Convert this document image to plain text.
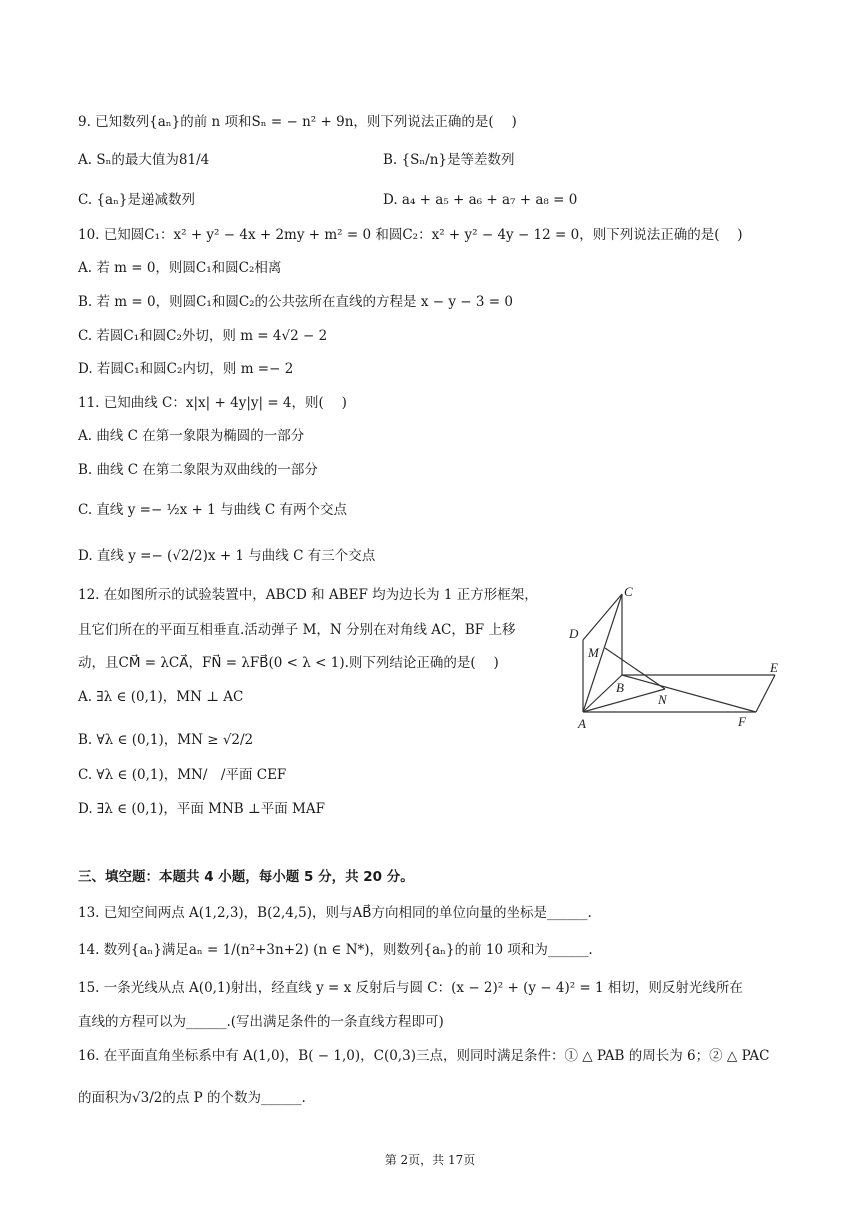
9. 已知数列{aₙ}的前 n 项和Sₙ = − n² + 9n，则下列说法正确的是(　 )
A. Sₙ的最大值为81/4	B. {Sₙ/n}是等差数列
C. {aₙ}是递减数列	D. a₄ + a₅ + a₆ + a₇ + a₈ = 0
10. 已知圆C₁：x² + y² − 4x + 2my + m² = 0 和圆C₂：x² + y² − 4y − 12 = 0，则下列说法正确的是(　 )
A. 若 m = 0，则圆C₁和圆C₂相离
B. 若 m = 0，则圆C₁和圆C₂的公共弦所在直线的方程是 x − y − 3 = 0
C. 若圆C₁和圆C₂外切，则 m = 4√2 − 2
D. 若圆C₁和圆C₂内切，则 m =− 2
11. 已知曲线 C：x|x| + 4y|y| = 4，则(　 )
A. 曲线 C 在第一象限为椭圆的一部分
B. 曲线 C 在第二象限为双曲线的一部分
C. 直线 y =− ½x + 1 与曲线 C 有两个交点
D. 直线 y =− (√2/2)x + 1 与曲线 C 有三个交点
12. 在如图所示的试验装置中，ABCD 和 ABEF 均为边长为 1 正方形框架，
且它们所在的平面互相垂直.活动弹子 M，N 分别在对角线 AC，BF 上移
动，且CM⃗ = λCA⃗，FN⃗ = λFB⃗(0 < λ < 1).则下列结论正确的是(　 )
A. ∃λ ∈ (0,1)，MN ⊥ AC
B. ∀λ ∈ (0,1)，MN ≥ √2/2
C. ∀λ ∈ (0,1)，MN/　/平面 CEF
D. ∃λ ∈ (0,1)，平面 MNB ⊥平面 MAF
C
D
M
B
E
N
A	F
三、填空题：本题共 4 小题，每小题 5 分，共 20 分。
13. 已知空间两点 A(1,2,3)，B(2,4,5)，则与AB⃗方向相同的单位向量的坐标是______.
14. 数列{aₙ}满足aₙ = 1/(n²+3n+2) (n ∈ N*)，则数列{aₙ}的前 10 项和为______.
15. 一条光线从点 A(0,1)射出，经直线 y = x 反射后与圆 C：(x − 2)² + (y − 4)² = 1 相切，则反射光线所在
直线的方程可以为______.(写出满足条件的一条直线方程即可)
16. 在平面直角坐标系中有 A(1,0)，B( − 1,0)，C(0,3)三点，则同时满足条件：① △ PAB 的周长为 6；② △ PAC
的面积为√3/2的点 P 的个数为______.
第 2页，共 17页
